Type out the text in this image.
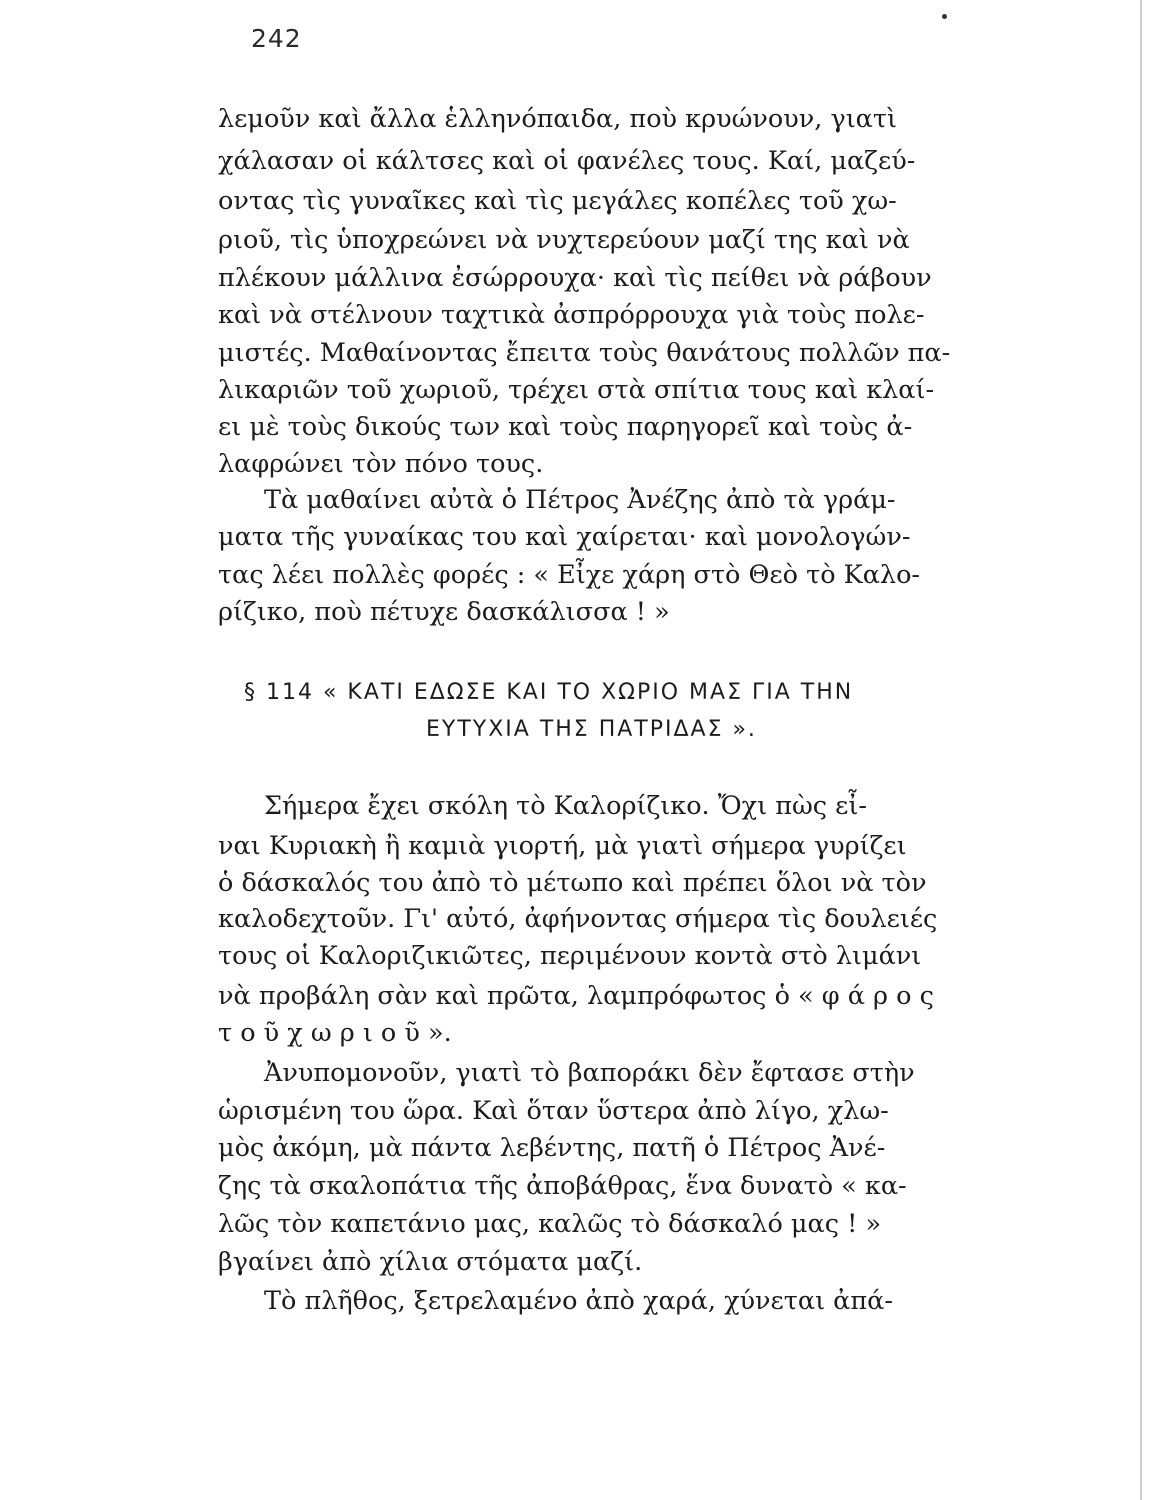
242
λεμοῦν καὶ ἄλλα ἑλληνόπαιδα, ποὺ κρυώνουν, γιατὶ
χάλασαν οἱ κάλτσες καὶ οἱ φανέλες τους. Καί, μαζεύ-
οντας τὶς γυναῖκες καὶ τὶς μεγάλες κοπέλες τοῦ χω-
ριοῦ, τὶς ὑποχρεώνει νὰ νυχτερεύουν μαζί της καὶ νὰ
πλέκουν μάλλινα ἐσώρρουχα· καὶ τὶς πείθει νὰ ράβουν
καὶ νὰ στέλνουν ταχτικὰ ἀσπρόρρουχα γιὰ τοὺς πολε-
μιστές. Μαθαίνοντας ἔπειτα τοὺς θανάτους πολλῶν πα-
λικαριῶν τοῦ χωριοῦ, τρέχει στὰ σπίτια τους καὶ κλαί-
ει μὲ τοὺς δικούς των καὶ τοὺς παρηγορεῖ καὶ τοὺς ἀ-
λαφρώνει τὸν πόνο τους.
Τὰ μαθαίνει αὐτὰ ὁ Πέτρος Ἀνέζης ἀπὸ τὰ γράμ-
ματα τῆς γυναίκας του καὶ χαίρεται· καὶ μονολογών-
τας λέει πολλὲς φορές : « Εἶχε χάρη στὸ Θεὸ τὸ Καλο-
ρίζικο, ποὺ πέτυχε δασκάλισσα ! »
§ 114 « ΚΑΤΙ ΕΔΩΣΕ ΚΑΙ ΤΟ ΧΩΡΙΟ ΜΑΣ ΓΙΑ ΤΗΝ
ΕΥΤΥΧΙΑ ΤΗΣ ΠΑΤΡΙΔΑΣ ».
Σήμερα ἔχει σκόλη τὸ Καλορίζικο. Ὄχι πὼς εἶ-
ναι Κυριακὴ ἢ καμιὰ γιορτή, μὰ γιατὶ σήμερα γυρίζει
ὁ δάσκαλός του ἀπὸ τὸ μέτωπο καὶ πρέπει ὅλοι νὰ τὸν
καλοδεχτοῦν. Γι' αὐτό, ἀφήνοντας σήμερα τὶς δουλειές
τους οἱ Καλοριζικιῶτες, περιμένουν κοντὰ στὸ λιμάνι
νὰ προβάλη σὰν καὶ πρῶτα, λαμπρόφωτος ὁ « φ ά ρ ο ς
τ ο ῦ χ ω ρ ι ο ῦ ».
Ἀνυπομονοῦν, γιατὶ τὸ βαποράκι δὲν ἔφτασε στὴν
ὡρισμένη του ὥρα. Καὶ ὅταν ὕστερα ἀπὸ λίγο, χλω-
μὸς ἀκόμη, μὰ πάντα λεβέντης, πατῆ ὁ Πέτρος Ἀνέ-
ζης τὰ σκαλοπάτια τῆς ἀποβάθρας, ἕνα δυνατὸ « κα-
λῶς τὸν καπετάνιο μας, καλῶς τὸ δάσκαλό μας ! »
βγαίνει ἀπὸ χίλια στόματα μαζί.
Τὸ πλῆθος, ξετρελαμένο ἀπὸ χαρά, χύνεται ἀπά-
